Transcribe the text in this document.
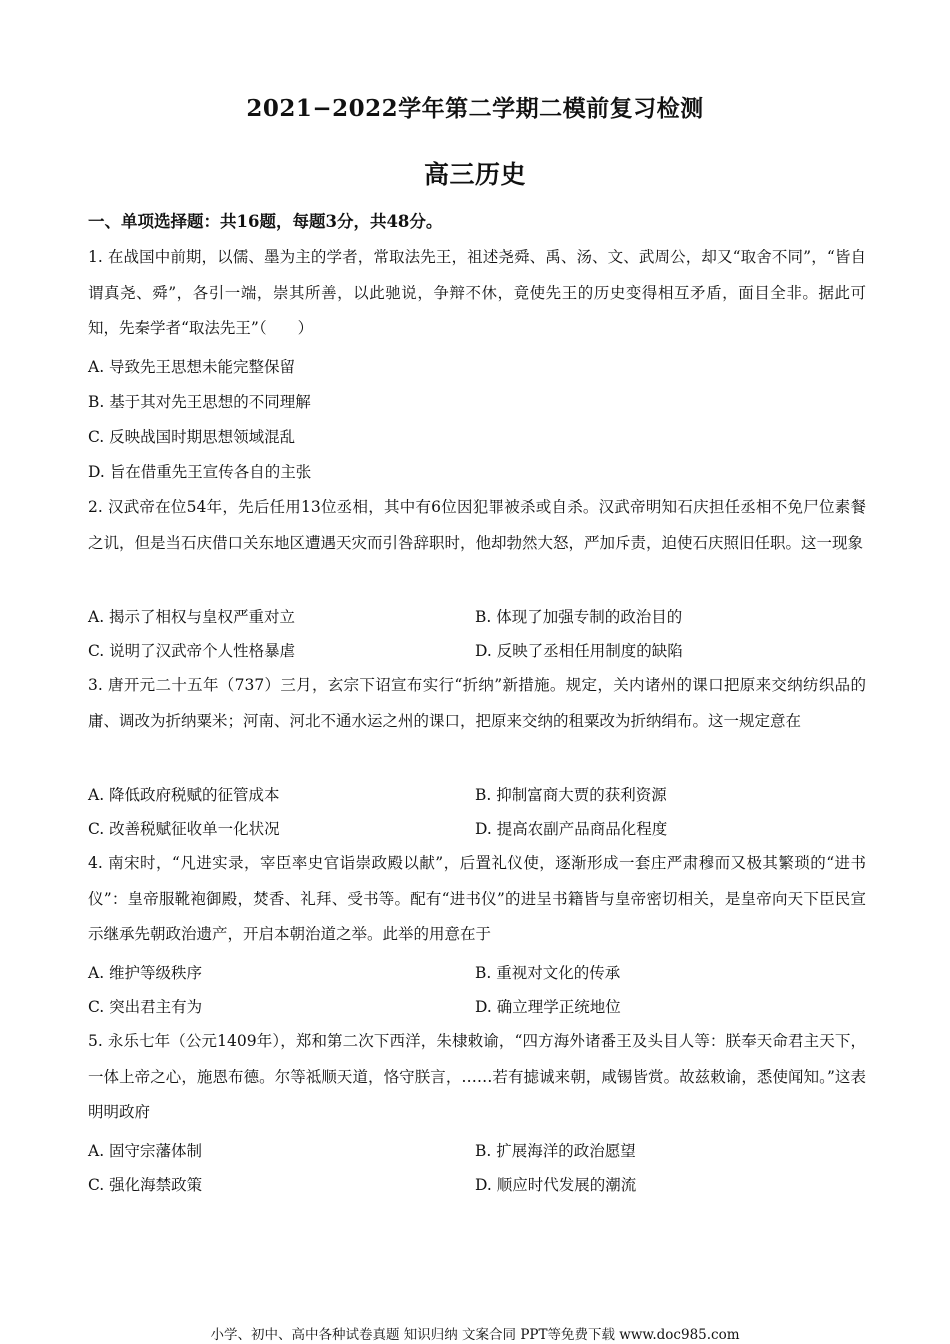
2021−2022学年第二学期二模前复习检测
高三历史
一、单项选择题：共16题，每题3分，共48分。
1. 在战国中前期，以儒、墨为主的学者，常取法先王，祖述尧舜、禹、汤、文、武周公，却又“取舍不同”，“皆自谓真尧、舜”，各引一端，崇其所善，以此驰说，争辩不休，竟使先王的历史变得相互矛盾，面目全非。据此可知，先秦学者“取法先王”（　　）
A. 导致先王思想未能完整保留
B. 基于其对先王思想的不同理解
C. 反映战国时期思想领域混乱
D. 旨在借重先王宣传各自的主张
2. 汉武帝在位54年，先后任用13位丞相，其中有6位因犯罪被杀或自杀。汉武帝明知石庆担任丞相不免尸位素餐之讥，但是当石庆借口关东地区遭遇天灾而引咎辞职时，他却勃然大怒，严加斥责，迫使石庆照旧任职。这一现象
A. 揭示了相权与皇权严重对立	B. 体现了加强专制的政治目的
C. 说明了汉武帝个人性格暴虐	D. 反映了丞相任用制度的缺陷
3. 唐开元二十五年（737）三月，玄宗下诏宣布实行“折纳”新措施。规定，关内诸州的课口把原来交纳纺织品的庸、调改为折纳粟米；河南、河北不通水运之州的课口，把原来交纳的租粟改为折纳绢布。这一规定意在
A. 降低政府税赋的征管成本	B. 抑制富商大贾的获利资源
C. 改善税赋征收单一化状况	D. 提高农副产品商品化程度
4. 南宋时，“凡进实录，宰臣率史官诣崇政殿以献”，后置礼仪使，逐渐形成一套庄严肃穆而又极其繁琐的“进书仪”：皇帝服靴袍御殿，焚香、礼拜、受书等。配有“进书仪”的进呈书籍皆与皇帝密切相关，是皇帝向天下臣民宣示继承先朝政治遗产，开启本朝治道之举。此举的用意在于
A. 维护等级秩序	B. 重视对文化的传承
C. 突出君主有为	D. 确立理学正统地位
5. 永乐七年（公元1409年），郑和第二次下西洋，朱棣敕谕，“四方海外诸番王及头目人等：朕奉天命君主天下，一体上帝之心，施恩布德。尔等祗顺天道，恪守朕言，……若有摅诚来朝，咸锡皆赏。故兹敕谕，悉使闻知。”这表明明政府
A. 固守宗藩体制	B. 扩展海洋的政治愿望
C. 强化海禁政策	D. 顺应时代发展的潮流
小学、初中、高中各种试卷真题 知识归纳 文案合同 PPT等免费下载 www.doc985.com
